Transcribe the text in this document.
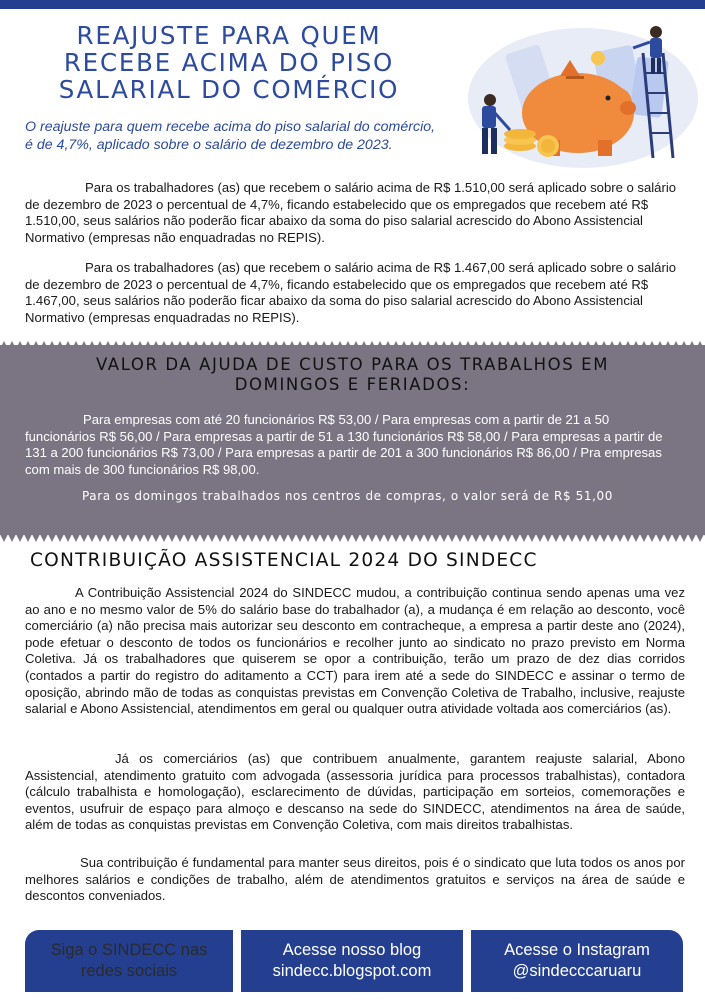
REAJUSTE PARA QUEM
RECEBE ACIMA DO PISO
SALARIAL DO COMÉRCIO

O reajuste para quem recebe acima do piso salarial do comércio, é de 4,7%, aplicado sobre o salário de dezembro de 2023.

Para os trabalhadores (as) que recebem o salário acima de R$ 1.510,00 será aplicado sobre o salário de dezembro de 2023 o percentual de 4,7%, ficando estabelecido que os empregados que recebem até R$ 1.510,00, seus salários não poderão ficar abaixo da soma do piso salarial acrescido do Abono Assistencial Normativo (empresas não enquadradas no REPIS).

Para os trabalhadores (as) que recebem o salário acima de R$ 1.467,00 será aplicado sobre o salário de dezembro de 2023 o percentual de 4,7%, ficando estabelecido que os empregados que recebem até R$ 1.467,00, seus salários não poderão ficar abaixo da soma do piso salarial acrescido do Abono Assistencial Normativo (empresas enquadradas no REPIS).

VALOR DA AJUDA DE CUSTO PARA OS TRABALHOS EM
DOMINGOS E FERIADOS:

Para empresas com até 20 funcionários R$ 53,00 / Para empresas com a partir de 21 a 50 funcionários R$ 56,00 / Para empresas a partir de 51 a 130 funcionários R$ 58,00 / Para empresas a partir de 131 a 200 funcionários R$ 73,00 / Para empresas a partir de 201 a 300 funcionários R$ 86,00 / Pra empresas com mais de 300 funcionários R$ 98,00.

Para os domingos trabalhados nos centros de compras, o valor será de R$ 51,00

CONTRIBUIÇÃO ASSISTENCIAL 2024 DO SINDECC

A Contribuição Assistencial 2024 do SINDECC mudou, a contribuição continua sendo apenas uma vez ao ano e no mesmo valor de 5% do salário base do trabalhador (a), a mudança é em relação ao desconto, você comerciário (a) não precisa mais autorizar seu desconto em contracheque, a empresa a partir deste ano (2024), pode efetuar o desconto de todos os funcionários e recolher junto ao sindicato no prazo previsto em Norma Coletiva. Já os trabalhadores que quiserem se opor a contribuição, terão um prazo de dez dias corridos (contados a partir do registro do aditamento a CCT) para irem até a sede do SINDECC e assinar o termo de oposição, abrindo mão de todas as conquistas previstas em Convenção Coletiva de Trabalho, inclusive, reajuste salarial e Abono Assistencial, atendimentos em geral ou qualquer outra atividade voltada aos comerciários (as).

Já os comerciários (as) que contribuem anualmente, garantem reajuste salarial, Abono Assistencial, atendimento gratuito com advogada (assessoria jurídica para processos trabalhistas), contadora (cálculo trabalhista e homologação), esclarecimento de dúvidas, participação em sorteios, comemorações e eventos, usufruir de espaço para almoço e descanso na sede do SINDECC, atendimentos na área de saúde, além de todas as conquistas previstas em Convenção Coletiva, com mais direitos trabalhistas.

Sua contribuição é fundamental para manter seus direitos, pois é o sindicato que luta todos os anos por melhores salários e condições de trabalho, além de atendimentos gratuitos e serviços na área de saúde e descontos conveniados.

Siga o SINDECC nas
redes sociais
Acesse nosso blog
sindecc.blogspot.com
Acesse o Instagram
@sindecccaruaru
